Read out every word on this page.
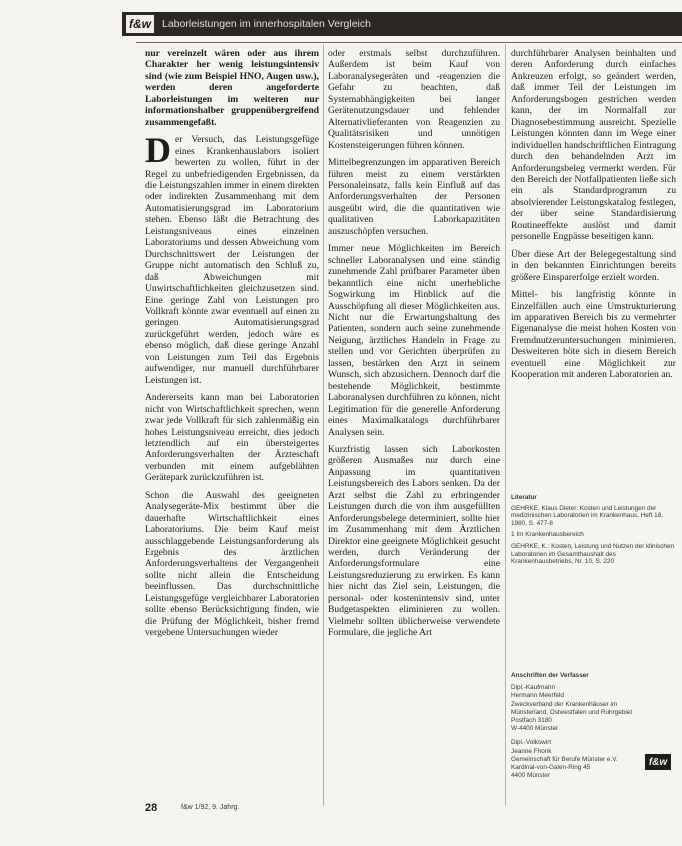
f&w Laborleistungen im innerhospitalen Vergleich

nur vereinzelt wären oder aus ihrem Charakter her wenig leistungsintensiv sind (wie zum Beispiel HNO, Augen usw.), werden deren angeforderte Laborleistungen im weiteren nur informationshalber gruppenübergreifend zusammengefaßt.

Der Versuch, das Leistungsgefüge eines Krankenhauslabors isoliert bewerten zu wollen, führt in der Regel zu unbefriedigenden Ergebnissen, da die Leistungszahlen immer in einem direkten oder indirekten Zusammenhang mit dem Automatisierungsgrad im Laboratorium stehen. Ebenso läßt die Betrachtung des Leistungsniveaus eines einzelnen Laboratoriums und dessen Abweichung vom Durchschnittswert der Leistungen der Gruppe nicht automatisch den Schluß zu, daß Abweichungen mit Unwirtschaftlichkeiten gleichzusetzen sind. Eine geringe Zahl von Leistungen pro Vollkraft könnte zwar eventuell auf einen zu geringen Automatisierungsgrad zurückgeführt werden, jedoch wäre es ebenso möglich, daß diese geringe Anzahl von Leistungen zum Teil das Ergebnis aufwendiger, nur manuell durchführbarer Leistungen ist.

Andererseits kann man bei Laboratorien nicht von Wirtschaftlichkeit sprechen, wenn zwar jede Vollkraft für sich zahlenmäßig ein hohes Leistungsniveau erreicht, dies jedoch letztendlich auf ein übersteigertes Anforderungsverhalten der Ärzteschaft verbunden mit einem aufgeblähten Gerätepark zurückzuführen ist.

Schon die Auswahl des geeigneten Analysegeräte-Mix bestimmt über die dauerhafte Wirtschaftlichkeit eines Laboratoriums. Die beim Kauf meist ausschlaggebende Leistungsanforderung als Ergebnis des ärztlichen Anforderungsverhaltens der Vergangenheit sollte nicht allein die Entscheidung beeinflussen. Das durchschnittliche Leistungsgefüge vergleichbarer Laboratorien sollte ebenso Berücksichtigung finden, wie die Prüfung der Möglichkeit, bisher fremd vergebene Untersuchungen wieder

oder erstmals selbst durchzuführen. Außerdem ist beim Kauf von Laboranalysegeräten und -reagenzien die Gefahr zu beachten, daß Systemabhängigkeiten bei langer Gerätenutzungsdauer und fehlender Alternativlieferanten von Reagenzien zu Qualitätsrisiken und unnötigen Kostensteigerungen führen können.

Mittelbegrenzungen im apparativen Bereich führen meist zu einem verstärkten Personaleinsatz, falls kein Einfluß auf das Anforderungsverhalten der Personen ausgeübt wird, die die quantitativen wie qualitativen Laborkapazitäten auszuschöpfen versuchen.

Immer neue Möglichkeiten im Bereich schneller Laboranalysen und eine ständig zunehmende Zahl prüfbarer Parameter üben bekanntlich eine nicht unerhebliche Sogwirkung im Hinblick auf die Ausschöpfung all dieser Möglichkeiten aus. Nicht nur die Erwartungshaltung des Patienten, sondern auch seine zunehmende Neigung, ärztliches Handeln in Frage zu stellen und vor Gerichten überprüfen zu lassen, bestärken den Arzt in seinem Wunsch, sich abzusichern. Dennoch darf die bestehende Möglichkeit, bestimmte Laboranalysen durchführen zu können, nicht Legitimation für die generelle Anforderung eines Maximalkatalogs durchführbarer Analysen sein.

Kurzfristig lassen sich Laborkosten größeren Ausmaßes nur durch eine Anpassung im quantitativen Leistungsbereich des Labors senken. Da der Arzt selbst die Zahl zu erbringender Leistungen durch die von ihm ausgefüllten Anforderungsbelege determiniert, sollte hier im Zusammenhang mit dem Ärztlichen Direktor eine geeignete Möglichkeit gesucht werden, durch Veränderung der Anforderungsformulare eine Leistungsreduzierung zu erwirken. Es kann hier nicht das Ziel sein, Leistungen, die personal- oder kostenintensiv sind, unter Budgetaspekten eliminieren zu wollen. Vielmehr sollten üblicherweise verwendete Formulare, die jegliche Art

durchführbarer Analysen beinhalten und deren Anforderung durch einfaches Ankreuzen erfolgt, so geändert werden, daß immer Teil der Leistungen im Anforderungsbogen gestrichen werden kann, der im Normalfall zur Diagnosebestimmung ausreicht. Spezielle Leistungen könnten dann im Wege einer individuellen handschriftlichen Eintragung durch den behandelnden Arzt im Anforderungsbeleg vermerkt werden. Für den Bereich der Notfallpatienten ließe sich ein als Standardprogramm zu absolvierender Leistungskatalog festlegen, der über seine Standardisierung Routineeffekte auslöst und damit personelle Engpässe beseitigen kann.

Über diese Art der Belegegestaltung sind in den bekannten Einrichtungen bereits größere Einsparerfolge erzielt worden.

Mittel- bis langfristig könnte in Einzelfällen auch eine Umstrukturierung im apparativen Bereich bis zu vermehrter Eigenanalyse die meist hohen Kosten von Fremdnutzeruntersuchungen minimieren. Desweiteren böte sich in diesem Bereich eventuell eine Möglichkeit zur Kooperation mit anderen Laboratorien an.

Literatur

GEHRKE, Klaus Dieter: Kosten und Leistungen der medizinischen Laboratorien im Krankenhaus, Heft 18, 1980, S. 477-8

1 Im Krankenhausbereich

GEHRKE, K.: Kosten, Leistung und Nutzen der klinischen Laboratorien im Gesamthaushalt des Krankenhausbetriebs, Nr. 10, S. 220

Anschriften der Verfasser

Dipl.-Kaufmann
Hermann Meerfeld
Zweckverband der Krankenhäuser im
Münsterland, Ostwestfalen und Ruhrgebiet
Postfach 3180
W-4400 Münster

Dipl.-Volkswirt
Jeanne Fhonk
Gemeinschaft für Berufe Münster e.V.
Kardinal-von-Galen-Ring 45
4400 Münster

28	f&w 1/92, 9. Jahrg.
f&w
